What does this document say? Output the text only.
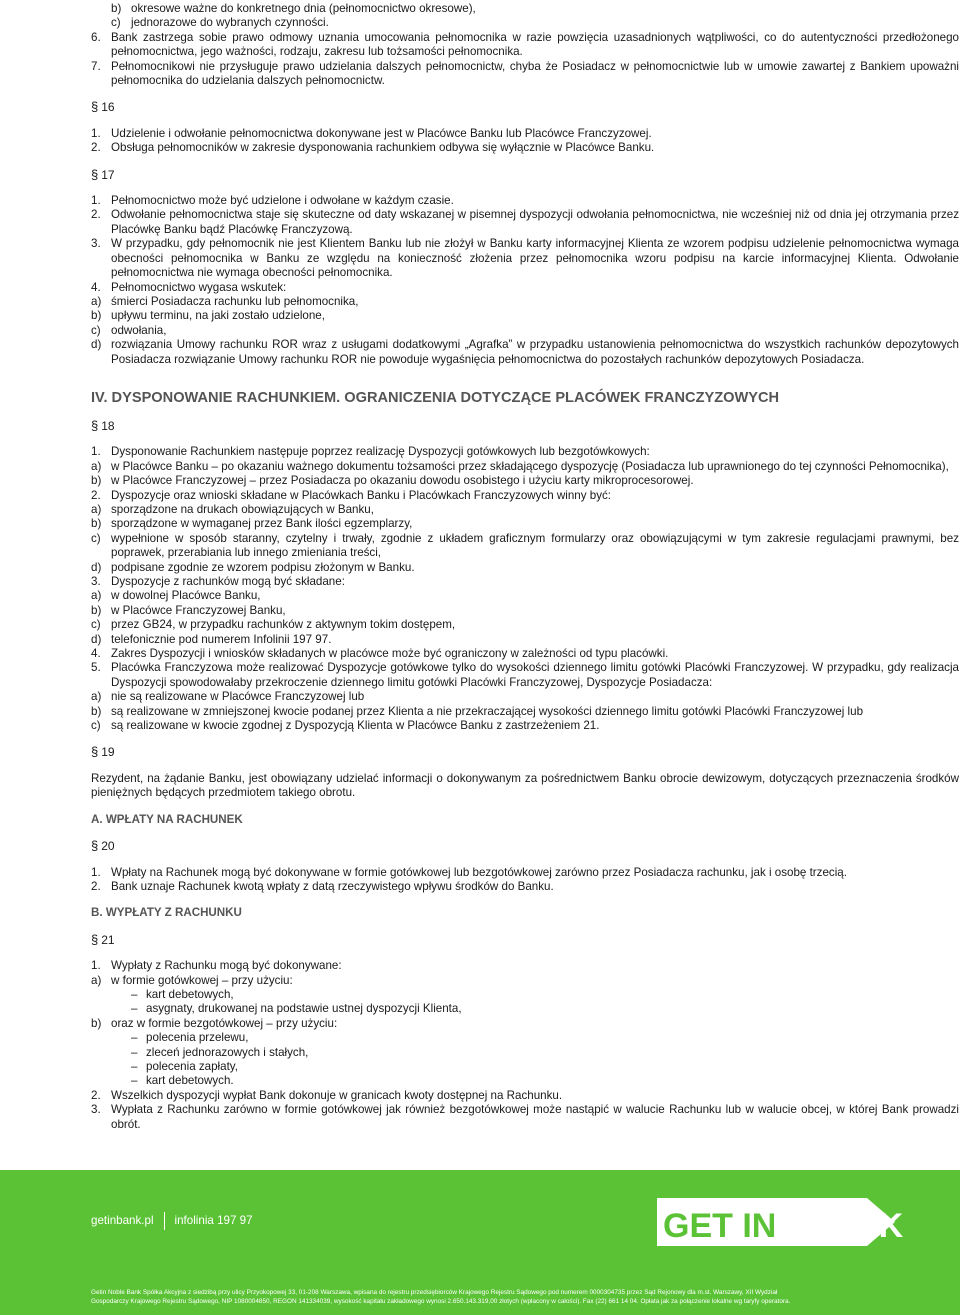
b) okresowe ważne do konkretnego dnia (pełnomocnictwo okresowe),
c) jednorazowe do wybranych czynności.
6. Bank zastrzega sobie prawo odmowy uznania umocowania pełnomocnika w razie powzięcia uzasadnionych wątpliwości, co do autentyczności przedłożonego pełnomocnictwa, jego ważności, rodzaju, zakresu lub tożsamości pełnomocnika.
7. Pełnomocnikowi nie przysługuje prawo udzielania dalszych pełnomocnictw, chyba że Posiadacz w pełnomocnictwie lub w umowie zawartej z Bankiem upoważni pełnomocnika do udzielania dalszych pełnomocnictw.
§ 16
1. Udzielenie i odwołanie pełnomocnictwa dokonywane jest w Placówce Banku lub Placówce Franczyzowej.
2. Obsługa pełnomocników w zakresie dysponowania rachunkiem odbywa się wyłącznie w Placówce Banku.
§ 17
1. Pełnomocnictwo może być udzielone i odwołane w każdym czasie.
2. Odwołanie pełnomocnictwa staje się skuteczne od daty wskazanej w pisemnej dyspozycji odwołania pełnomocnictwa, nie wcześniej niż od dnia jej otrzymania przez Placówkę Banku bądź Placówkę Franczyzową.
3. W przypadku, gdy pełnomocnik nie jest Klientem Banku lub nie złożył w Banku karty informacyjnej Klienta ze wzorem podpisu udzielenie pełnomocnictwa wymaga obecności pełnomocnika w Banku ze względu na konieczność złożenia przez pełnomocnika wzoru podpisu na karcie informacyjnej Klienta. Odwołanie pełnomocnictwa nie wymaga obecności pełnomocnika.
4. Pełnomocnictwo wygasa wskutek:
a) śmierci Posiadacza rachunku lub pełnomocnika,
b) upływu terminu, na jaki zostało udzielone,
c) odwołania,
d) rozwiązania Umowy rachunku ROR wraz z usługami dodatkowymi „Agrafka” w przypadku ustanowienia pełnomocnictwa do wszystkich rachunków depozytowych Posiadacza rozwiązanie Umowy rachunku ROR nie powoduje wygaśnięcia pełnomocnictwa do pozostałych rachunków depozytowych Posiadacza.
IV. DYSPONOWANIE RACHUNKIEM. OGRANICZENIA DOTYCZĄCE PLACÓWEK FRANCZYZOWYCH
§ 18
1. Dysponowanie Rachunkiem następuje poprzez realizację Dyspozycji gotówkowych lub bezgotówkowych:
a) w Placówce Banku – po okazaniu ważnego dokumentu tożsamości przez składającego dyspozycję (Posiadacza lub uprawnionego do tej czynności Pełnomocnika),
b) w Placówce Franczyzowej – przez Posiadacza po okazaniu dowodu osobistego i użyciu karty mikroprocesorowej.
2. Dyspozycje oraz wnioski składane w Placówkach Banku i Placówkach Franczyzowych winny być:
a) sporządzone na drukach obowiązujących w Banku,
b) sporządzone w wymaganej przez Bank ilości egzemplarzy,
c) wypełnione w sposób staranny, czytelny i trwały, zgodnie z układem graficznym formularzy oraz obowiązującymi w tym zakresie regulacjami prawnymi, bez poprawek, przerabiania lub innego zmieniania treści,
d) podpisane zgodnie ze wzorem podpisu złożonym w Banku.
3. Dyspozycje z rachunków mogą być składane:
a) w dowolnej Placówce Banku,
b) w Placówce Franczyzowej Banku,
c) przez GB24, w przypadku rachunków z aktywnym tokim dostępem,
d) telefonicznie pod numerem Infolinii 197 97.
4. Zakres Dyspozycji i wniosków składanych w placówce może być ograniczony w zależności od typu placówki.
5. Placówka Franczyzowa może realizować Dyspozycje gotówkowe tylko do wysokości dziennego limitu gotówki Placówki Franczyzowej. W przypadku, gdy realizacja Dyspozycji spowodowałaby przekroczenie dziennego limitu gotówki Placówki Franczyzowej, Dyspozycje Posiadacza:
a) nie są realizowane w Placówce Franczyzowej lub
b) są realizowane w zmniejszonej kwocie podanej przez Klienta a nie przekraczającej wysokości dziennego limitu gotówki Placówki Franczyzowej lub
c) są realizowane w kwocie zgodnej z Dyspozycją Klienta w Placówce Banku z zastrzeżeniem 21.
§ 19
Rezydent, na żądanie Banku, jest obowiązany udzielać informacji o dokonywanym za pośrednictwem Banku obrocie dewizowym, dotyczących przeznaczenia środków pieniężnych będących przedmiotem takiego obrotu.
A. WPŁATY NA RACHUNEK
§ 20
1. Wpłaty na Rachunek mogą być dokonywane w formie gotówkowej lub bezgotówkowej zarówno przez Posiadacza rachunku, jak i osobę trzecią.
2. Bank uznaje Rachunek kwotą wpłaty z datą rzeczywistego wpływu środków do Banku.
B. WYPŁATY Z RACHUNKU
§ 21
1. Wypłaty z Rachunku mogą być dokonywane:
a) w formie gotówkowej – przy użyciu:
– kart debetowych,
– asygnaty, drukowanej na podstawie ustnej dyspozycji Klienta,
b) oraz w formie bezgotówkowej – przy użyciu:
– polecenia przelewu,
– zleceń jednorazowych i stałych,
– polecenia zapłaty,
– kart debetowych.
2. Wszelkich dyspozycji wypłat Bank dokonuje w granicach kwoty dostępnej na Rachunku.
3. Wypłata z Rachunku zarówno w formie gotówkowej jak również bezgotówkowej może nastąpić w walucie Rachunku lub w walucie obcej, w której Bank prowadzi obrót.
getinbank.pl infolinia 197 97	GET IN BANK
Getin Noble Bank Spółka Akcyjna z siedzibą przy ulicy Przyokopowej 33, 01-208 Warszawa, wpisana do rejestru przedsiębiorców Krajowego Rejestru Sądowego pod numerem 0000304735 przez Sąd Rejonowy dla m.st. Warszawy, XII Wydział
Gospodarczy Krajowego Rejestru Sądowego, NIP 1080004850, REGON 141334039, wysokość kapitału zakładowego wynosi 2.650.143.319,00 złotych (wpłacony w całości). Fax (22) 661 14 04. Opłata jak za połączenie lokalne wg taryfy operatora.
